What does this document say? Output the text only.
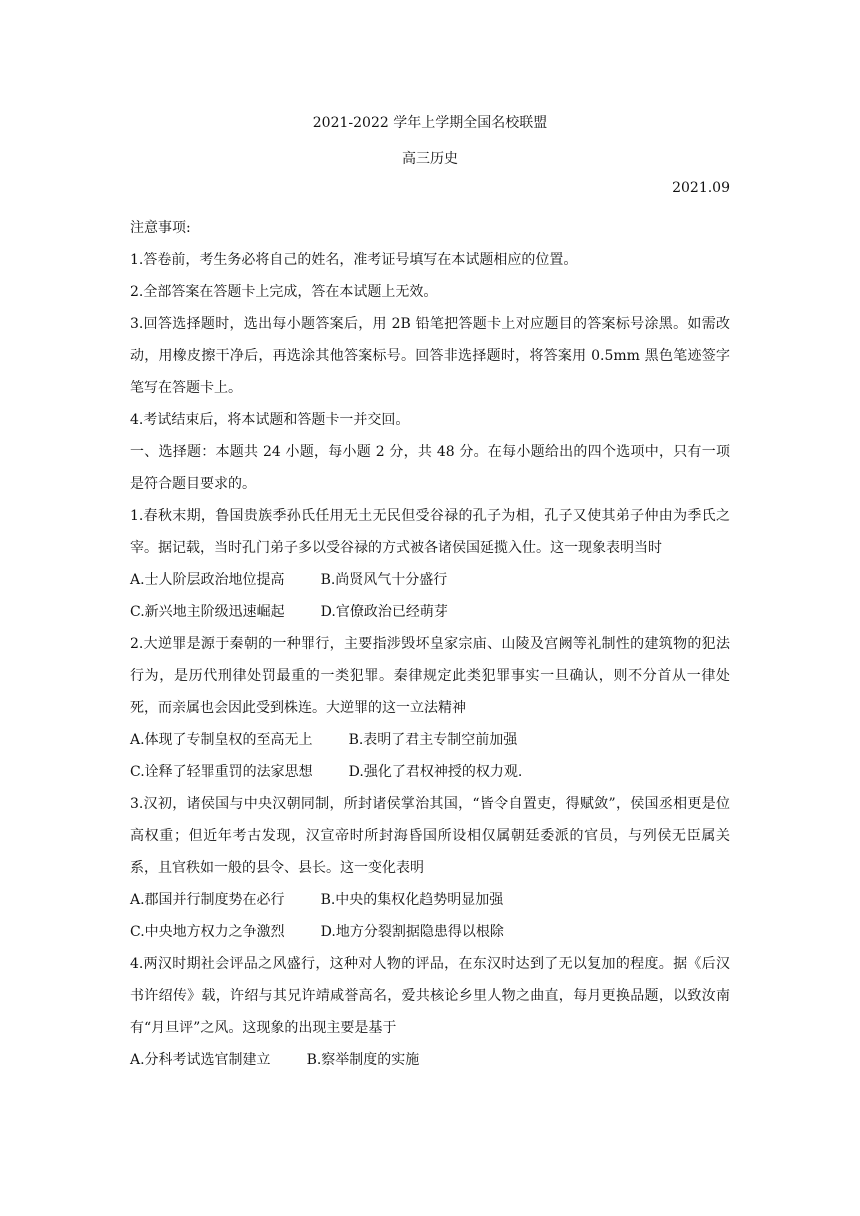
2021-2022 学年上学期全国名校联盟
高三历史
2021.09

注意事项:

1.答卷前，考生务必将自己的姓名，准考证号填写在本试题相应的位置。

2.全部答案在答题卡上完成，答在本试题上无效。

3.回答选择题时，选出每小题答案后，用 2B 铅笔把答题卡上对应题目的答案标号涂黑。如需改动，用橡皮擦干净后，再选涂其他答案标号。回答非选择题时，将答案用 0.5mm 黑色笔迹签字笔写在答题卡上。

4.考试结束后，将本试题和答题卡一并交回。

一、选择题：本题共 24 小题，每小题 2 分，共 48 分。在每小题给出的四个选项中，只有一项是符合题目要求的。

1.春秋末期，鲁国贵族季孙氏任用无土无民但受谷禄的孔子为相，孔子又使其弟子仲由为季氏之宰。据记载，当时孔门弟子多以受谷禄的方式被各诸侯国延揽入仕。这一现象表明当时

A.士人阶层政治地位提高	B.尚贤风气十分盛行
C.新兴地主阶级迅速崛起	D.官僚政治已经萌芽

2.大逆罪是源于秦朝的一种罪行，主要指涉毁坏皇家宗庙、山陵及宫阙等礼制性的建筑物的犯法行为，是历代刑律处罚最重的一类犯罪。秦律规定此类犯罪事实一旦确认，则不分首从一律处死，而亲属也会因此受到株连。大逆罪的这一立法精神

A.体现了专制皇权的至高无上	B.表明了君主专制空前加强
C.诠释了轻罪重罚的法家思想	D.强化了君权神授的权力观.

3.汉初，诸侯国与中央汉朝同制，所封诸侯掌治其国，“皆令自置吏，得赋敛”，侯国丞相更是位高权重；但近年考古发现，汉宣帝时所封海昏国所设相仅属朝廷委派的官员，与列侯无臣属关系，且官秩如一般的县令、县长。这一变化表明

A.郡国并行制度势在必行	B.中央的集权化趋势明显加强
C.中央地方权力之争激烈	D.地方分裂割据隐患得以根除

4.两汉时期社会评品之风盛行，这种对人物的评品，在东汉时达到了无以复加的程度。据《后汉书许绍传》载，许绍与其兄许靖咸誉高名，爱共核论乡里人物之曲直，每月更换品题，以致汝南有“月旦评”之风。这现象的出现主要是基于

A.分科考试选官制建立	B.察举制度的实施
